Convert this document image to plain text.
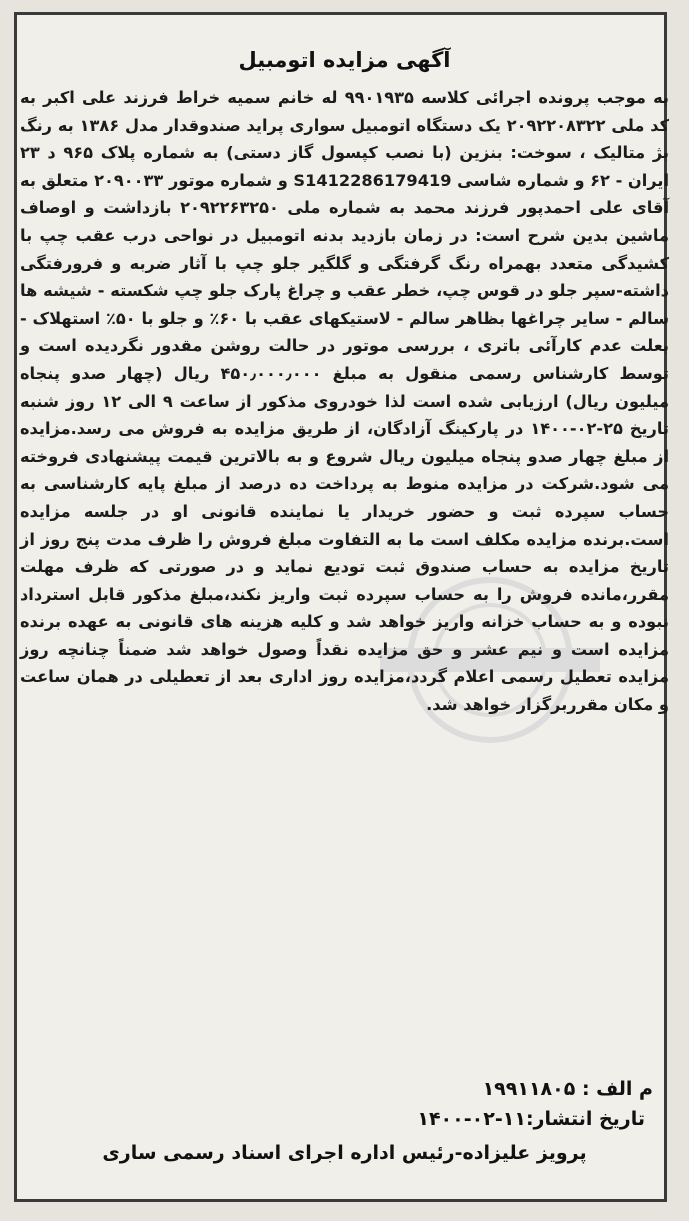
آگهی مزایده اتومبیل

به موجب پرونده اجرائی کلاسه ۹۹۰۱۹۳۵ له خانم سمیه خراط فرزند علی اکبر به کد ملی ۲۰۹۲۲۰۸۳۲۲ یک دستگاه اتومبیل سواری پراید صندوقدار مدل ۱۳۸۶ به رنگ بژ متالیک ، سوخت: بنزین (با نصب کپسول گاز دستی) به شماره پلاک ۹۶۵ د ۲۳ ایران - ۶۲ و شماره شاسی S1412286179419 و شماره موتور ۲۰۹۰۰۳۳ متعلق به آقای علی احمدپور فرزند محمد به شماره ملی ۲۰۹۲۲۶۳۲۵۰ بازداشت و اوصاف ماشین بدین شرح است: در زمان بازدید بدنه اتومبیل در نواحی درب عقب چپ با کشیدگی متعدد بهمراه رنگ گرفتگی و گلگیر جلو چپ با آثار ضربه و فرورفتگی داشته-سپر جلو در قوس چپ، خطر عقب و چراغ پارک جلو چپ شکسته - شیشه ها سالم - سایر چراغها بظاهر سالم - لاستیکهای عقب با ۶۰٪ و جلو با ۵۰٪ استهلاک - بعلت عدم کارآئی باتری ، بررسی موتور در حالت روشن مقدور نگردیده است و توسط کارشناس رسمی منقول به مبلغ ۴۵۰٫۰۰۰٫۰۰۰ ریال (چهار صدو پنجاه میلیون ریال) ارزیابی شده است لذا خودروی مذکور از ساعت ۹ الی ۱۲ روز شنبه تاریخ ۲۵-۰۲-۱۴۰۰ در پارکینگ آزادگان، از طریق مزایده به فروش می رسد.مزایده از مبلغ چهار صدو پنجاه میلیون ریال شروع و به بالاترین قیمت پیشنهادی فروخته می شود.شرکت در مزایده منوط به پرداخت ده درصد از مبلغ پایه کارشناسی به حساب سپرده ثبت و حضور خریدار یا نماینده قانونی او در جلسه مزایده است.برنده مزایده مکلف است ما به التفاوت مبلغ فروش را ظرف مدت پنج روز از تاریخ مزایده به حساب صندوق ثبت تودیع نماید و در صورتی که ظرف مهلت مقرر،مانده فروش را به حساب سپرده ثبت واریز نکند،مبلغ مذکور قابل استرداد نبوده و به حساب خزانه واریز خواهد شد و کلیه هزینه های قانونی به عهده برنده مزایده است و نیم عشر و حق مزایده نقداً وصول خواهد شد ضمناً چنانچه روز مزایده تعطیل رسمی اعلام گردد،مزایده روز اداری بعد از تعطیلی در همان ساعت و مکان مقرربرگزار خواهد شد.

م الف : ۱۹۹۱۱۸۰۵
تاریخ انتشار:۱۱-۰۲-۱۴۰۰
پرویز علیزاده-رئیس اداره اجرای اسناد رسمی ساری
